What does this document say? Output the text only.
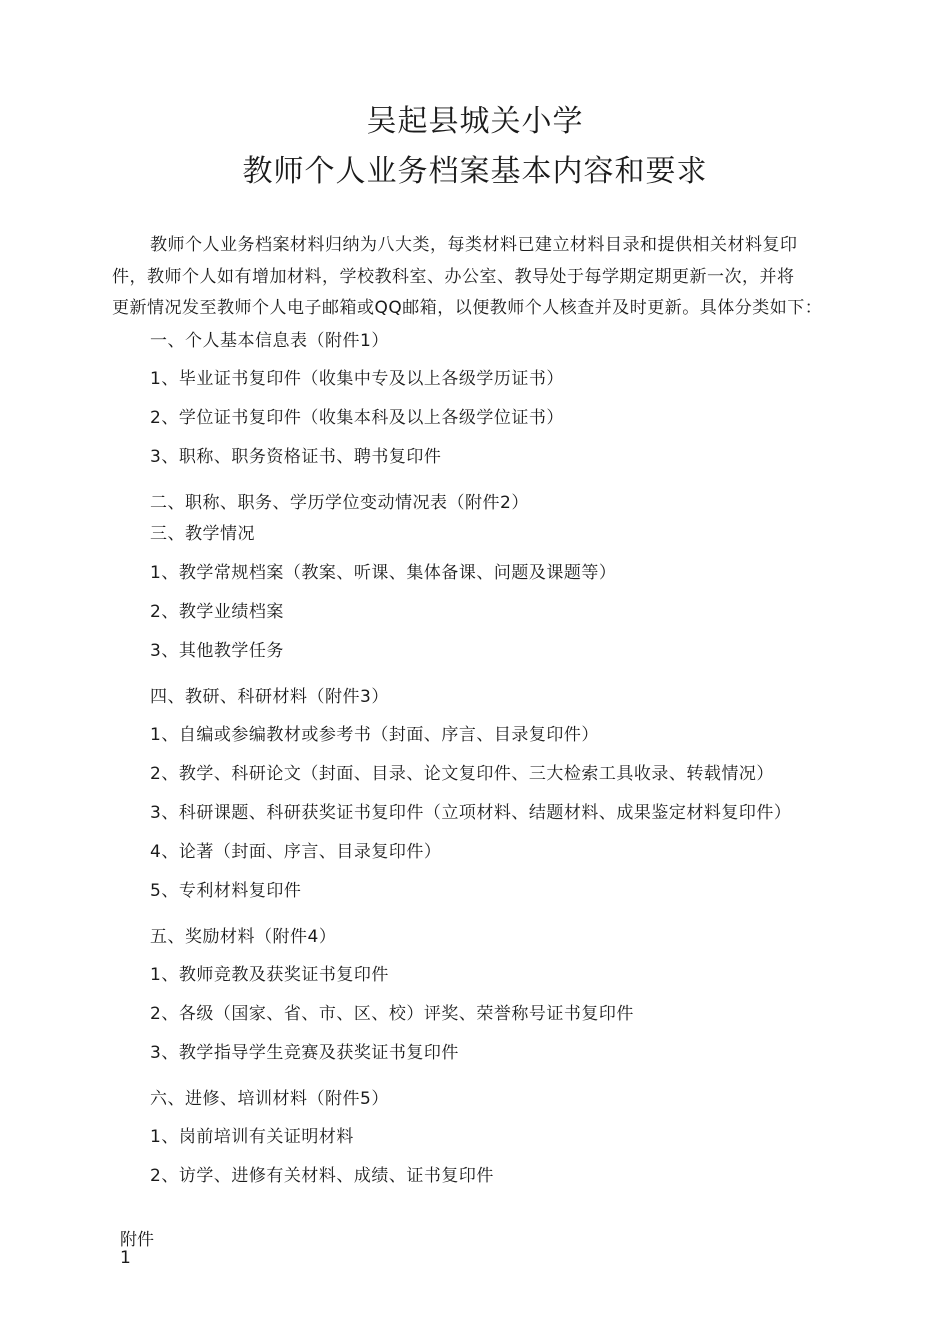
吴起县城关小学
教师个人业务档案基本内容和要求
教师个人业务档案材料归纳为八大类，每类材料已建立材料目录和提供相关材料复印
件，教师个人如有增加材料，学校教科室、办公室、教导处于每学期定期更新一次，并将
更新情况发至教师个人电子邮箱或QQ邮箱，以便教师个人核查并及时更新。具体分类如下：
一、个人基本信息表（附件1）
1、毕业证书复印件（收集中专及以上各级学历证书）
2、学位证书复印件（收集本科及以上各级学位证书）
3、职称、职务资格证书、聘书复印件
二、职称、职务、学历学位变动情况表（附件2）
三、教学情况
1、教学常规档案（教案、听课、集体备课、问题及课题等）
2、教学业绩档案
3、其他教学任务
四、教研、科研材料（附件3）
1、自编或参编教材或参考书（封面、序言、目录复印件）
2、教学、科研论文（封面、目录、论文复印件、三大检索工具收录、转载情况）
3、科研课题、科研获奖证书复印件（立项材料、结题材料、成果鉴定材料复印件）
4、论著（封面、序言、目录复印件）
5、专利材料复印件
五、奖励材料（附件4）
1、教师竞教及获奖证书复印件
2、各级（国家、省、市、区、校）评奖、荣誉称号证书复印件
3、教学指导学生竞赛及获奖证书复印件
六、进修、培训材料（附件5）
1、岗前培训有关证明材料
2、访学、进修有关材料、成绩、证书复印件
附件
1
